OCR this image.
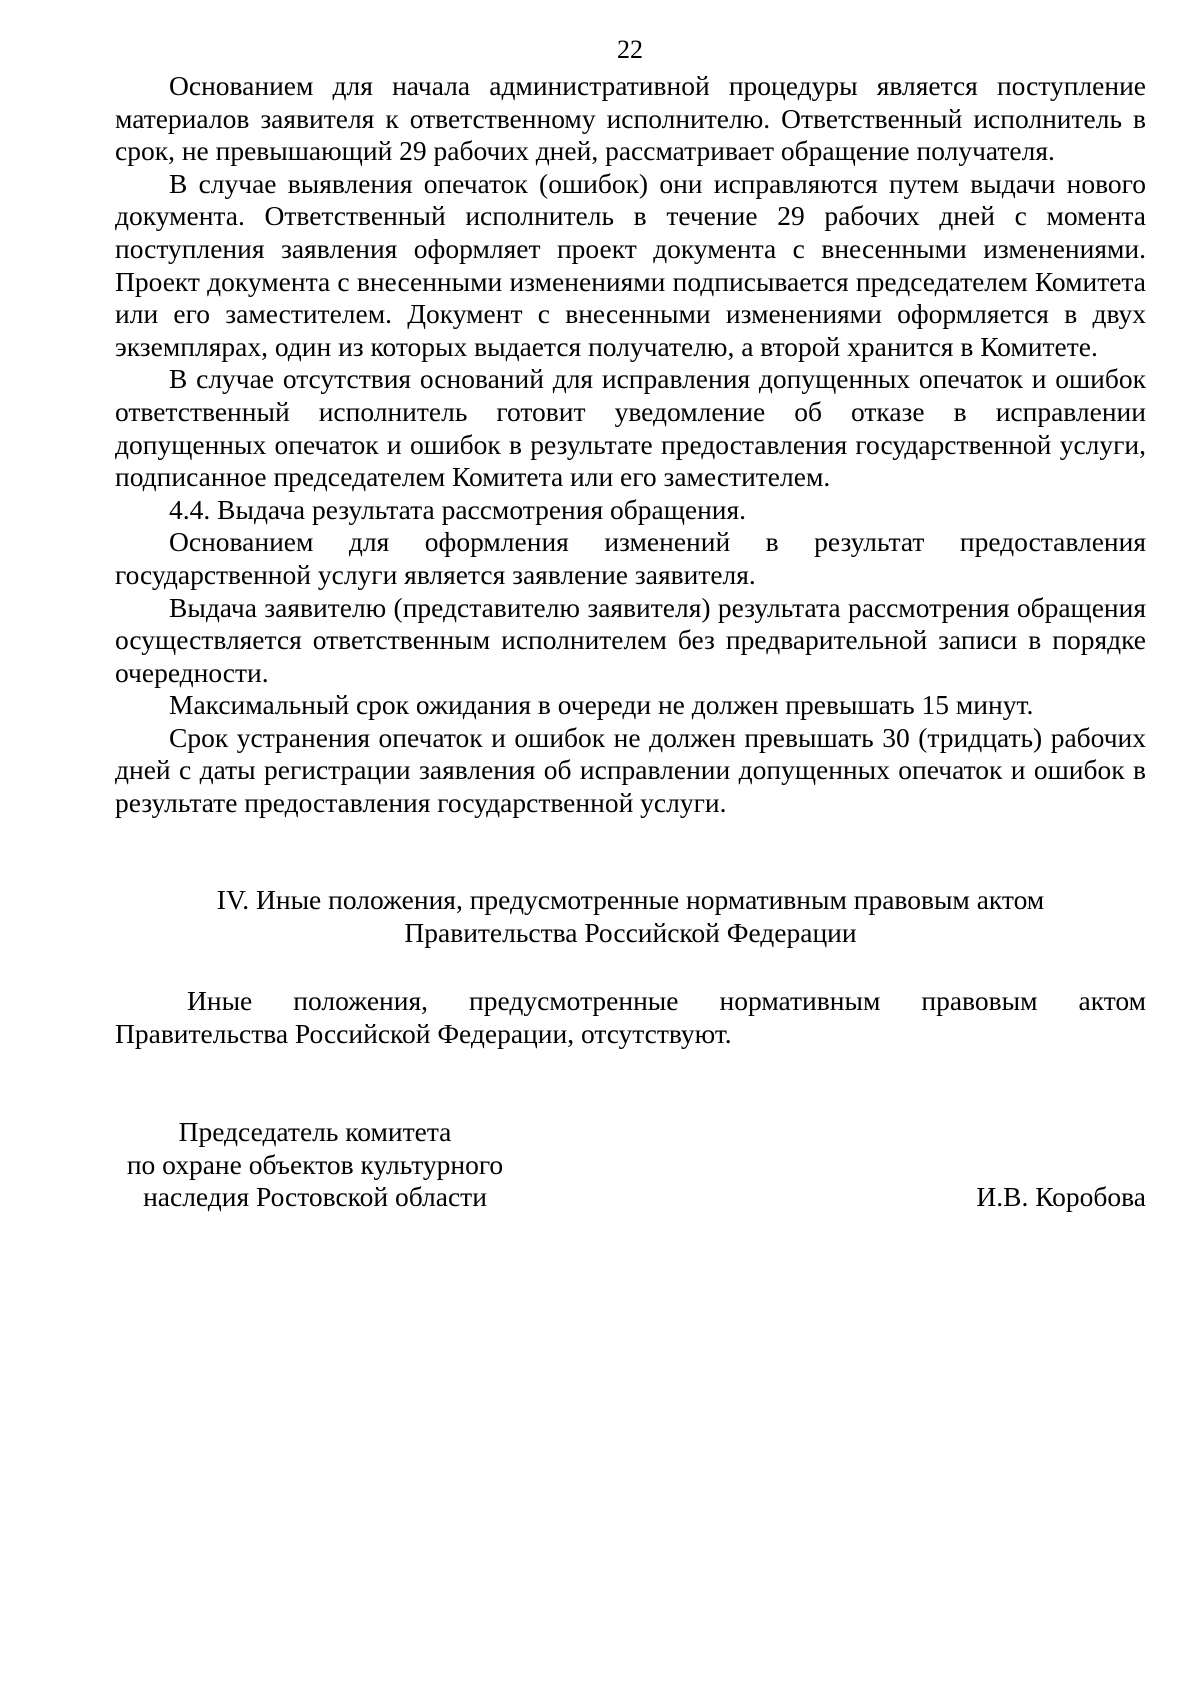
22

Основанием для начала административной процедуры является поступление материалов заявителя к ответственному исполнителю. Ответственный исполнитель в срок, не превышающий 29 рабочих дней, рассматривает обращение получателя.

В случае выявления опечаток (ошибок) они исправляются путем выдачи нового документа. Ответственный исполнитель в течение 29 рабочих дней с момента поступления заявления оформляет проект документа с внесенными изменениями. Проект документа с внесенными изменениями подписывается председателем Комитета или его заместителем. Документ с внесенными изменениями оформляется в двух экземплярах, один из которых выдается получателю, а второй хранится в Комитете.

В случае отсутствия оснований для исправления допущенных опечаток и ошибок ответственный исполнитель готовит уведомление об отказе в исправлении допущенных опечаток и ошибок в результате предоставления государственной услуги, подписанное председателем Комитета или его заместителем.

4.4. Выдача результата рассмотрения обращения.

Основанием для оформления изменений в результат предоставления государственной услуги является заявление заявителя.

Выдача заявителю (представителю заявителя) результата рассмотрения обращения осуществляется ответственным исполнителем без предварительной записи в порядке очередности.

Максимальный срок ожидания в очереди не должен превышать 15 минут.

Срок устранения опечаток и ошибок не должен превышать 30 (тридцать) рабочих дней с даты регистрации заявления об исправлении допущенных опечаток и ошибок в результате предоставления государственной услуги.

IV. Иные положения, предусмотренные нормативным правовым актом
Правительства Российской Федерации

Иные положения, предусмотренные нормативным правовым актом Правительства Российской Федерации, отсутствуют.

Председатель комитета
по охране объектов культурного
наследия Ростовской области	И.В. Коробова
